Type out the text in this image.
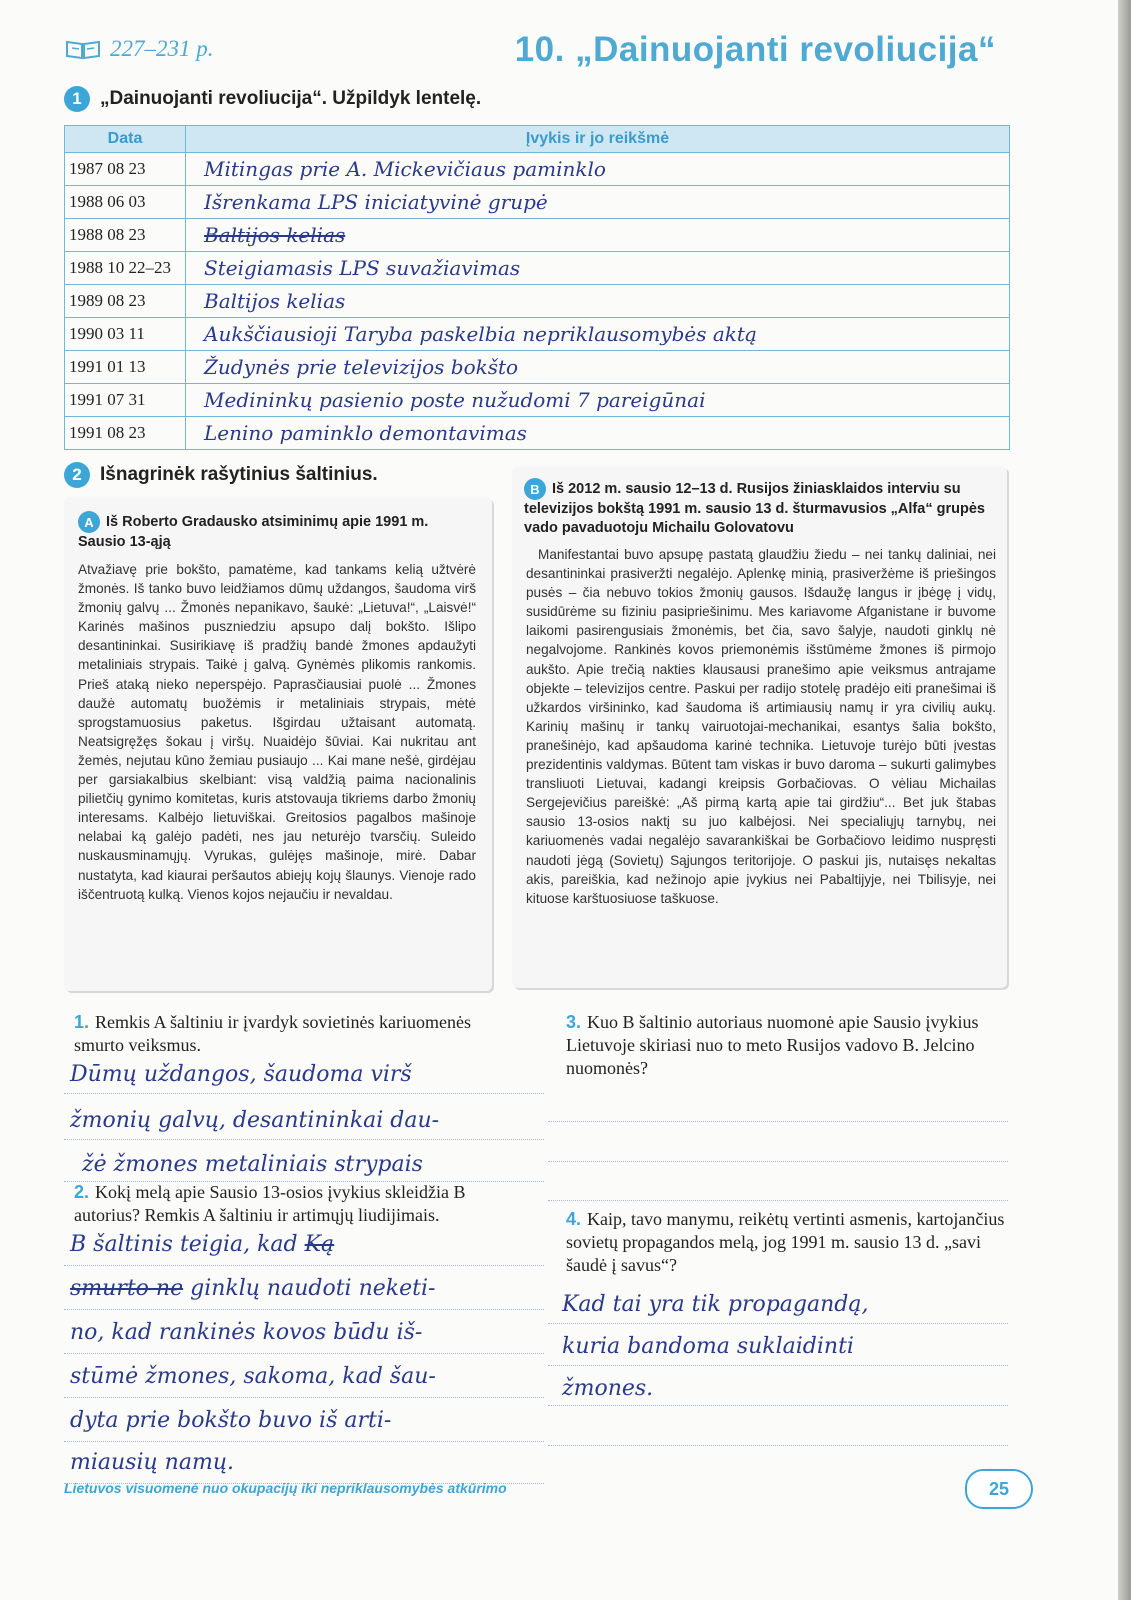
227–231 p.	10. „Dainuojanti revoliucija“
1 „Dainuojanti revoliucija“. Užpildyk lentelę.
Data	Įvykis ir jo reikšmė
1987 08 23	Mitingas prie A. Mickevičiaus paminklo
1988 06 03	Išrenkama LPS iniciatyvinė grupė
1988 08 23	Baltijos kelias
1988 10 22–23	Steigiamasis LPS suvažiavimas
1989 08 23	Baltijos kelias
1990 03 11	Aukščiausioji Taryba paskelbia nepriklausomybės aktą
1991 01 13	Žudynės prie televizijos bokšto
1991 07 31	Medininkų pasienio poste nužudomi 7 pareigūnai
1991 08 23	Lenino paminklo demontavimas
2 Išnagrinėk rašytinius šaltinius.
A Iš Roberto Gradausko atsiminimų apie 1991 m. Sausio 13-ąją
Atvažiavę prie bokšto, pamatėme, kad tankams kelią užtvėrė žmonės. Iš tanko buvo leidžiamos dūmų uždangos, šaudoma virš žmonių galvų ... Žmonės nepanikavo, šaukė: „Lietuva!“, „Laisvė!“ Karinės mašinos puszniedziu apsupo dalį bokšto. Išlipo desantininkai. Susirikiavę iš pradžių bandė žmones apdaužyti metaliniais strypais. Taikė į galvą. Gynėmės plikomis rankomis. Prieš ataką nieko neperspėjo. Paprasčiausiai puolė ... Žmones daužė automatų buožėmis ir metaliniais strypais, mėtė sprogstamuosius paketus. Išgirdau užtaisant automatą. Neatsigręžęs šokau į viršų. Nuaidėjo šūviai. Kai nukritau ant žemės, nejutau kūno žemiau pusiaujo ... Kai mane nešė, girdėjau per garsiakalbius skelbiant: visą valdžią paima nacionalinis pilietčių gynimo komitetas, kuris atstovauja tikriems darbo žmonių interesams. Kalbėjo lietuviškai. Greitosios pagalbos mašinoje nelabai ką galėjo padėti, nes jau neturėjo tvarsčių. Suleido nuskausminamųjų. Vyrukas, gulėjęs mašinoje, mirė. Dabar nustatyta, kad kiaurai peršautos abiejų kojų šlaunys. Vienoje rado iščentruotą kulką. Vienos kojos nejaučiu ir nevaldau.
B Iš 2012 m. sausio 12–13 d. Rusijos žiniasklaidos interviu su televizijos bokštą 1991 m. sausio 13 d. šturmavusios „Alfa“ grupės vado pavaduotoju Michailu Golovatovu
Manifestantai buvo apsupę pastatą glaudžiu žiedu – nei tankų daliniai, nei desantininkai prasiveržti negalėjo. Aplenkę minią, prasiveržėme iš priešingos pusės – čia nebuvo tokios žmonių gausos. Išdaužę langus ir įbėgę į vidų, susidūrėme su fiziniu pasipriešinimu. Mes kariavome Afganistane ir buvome laikomi pasirengusiais žmonėmis, bet čia, savo šalyje, naudoti ginklų nė negalvojome. Rankinės kovos priemonėmis išstūmėme žmones iš pirmojo aukšto. Apie trečią nakties klausausi pranešimo apie veiksmus antrajame objekte – televizijos centre. Paskui per radijo stotelę pradėjo eiti pranešimai iš užkardos viršininko, kad šaudoma iš artimiausių namų ir yra civilių aukų. Karinių mašinų ir tankų vairuotojai-mechanikai, esantys šalia bokšto, pranešinėjo, kad apšaudoma karinė technika. Lietuvoje turėjo būti įvestas prezidentinis valdymas. Būtent tam viskas ir buvo daroma – sukurti galimybes transliuoti Lietuvai, kadangi kreipsis Gorbačiovas. O vėliau Michailas Sergejevičius pareiškė: „Aš pirmą kartą apie tai girdžiu“... Bet juk štabas sausio 13-osios naktį su juo kalbėjosi. Nei specialiųjų tarnybų, nei kariuomenės vadai negalėjo savarankiškai be Gorbačiovo leidimo nuspręsti naudoti jėgą (Sovietų) Sąjungos teritorijoje. O paskui jis, nutaisęs nekaltas akis, pareiškia, kad nežinojo apie įvykius nei Pabaltijyje, nei Tbilisyje, nei kituose karštuosiuose taškuose.
1. Remkis A šaltiniu ir įvardyk sovietinės kariuomenės smurto veiksmus.
Dūmų uždangos, šaudoma virš
žmonių galvų, desantininkai dau-
žė žmones metaliniais strypais
2. Kokį melą apie Sausio 13-osios įvykius skleidžia B autorius? Remkis A šaltiniu ir artimųjų liudijimais.
B šaltinis teigia, kad Ką
smurto ne ginklų naudoti neketi-
no, kad rankinės kovos būdu iš-
stūmė žmones, sakoma, kad šau-
dyta prie bokšto buvo iš arti-
miausių namų.
3. Kuo B šaltinio autoriaus nuomonė apie Sausio įvykius Lietuvoje skiriasi nuo to meto Rusijos vadovo B. Jelcino nuomonės?
4. Kaip, tavo manymu, reikėtų vertinti asmenis, kartojančius sovietų propagandos melą, jog 1991 m. sausio 13 d. „savi šaudė į savus“?
Kad tai yra tik propagandą,
kuria bandoma suklaidinti
žmones.
Lietuvos visuomenė nuo okupacijų iki nepriklausomybės atkūrimo	25
